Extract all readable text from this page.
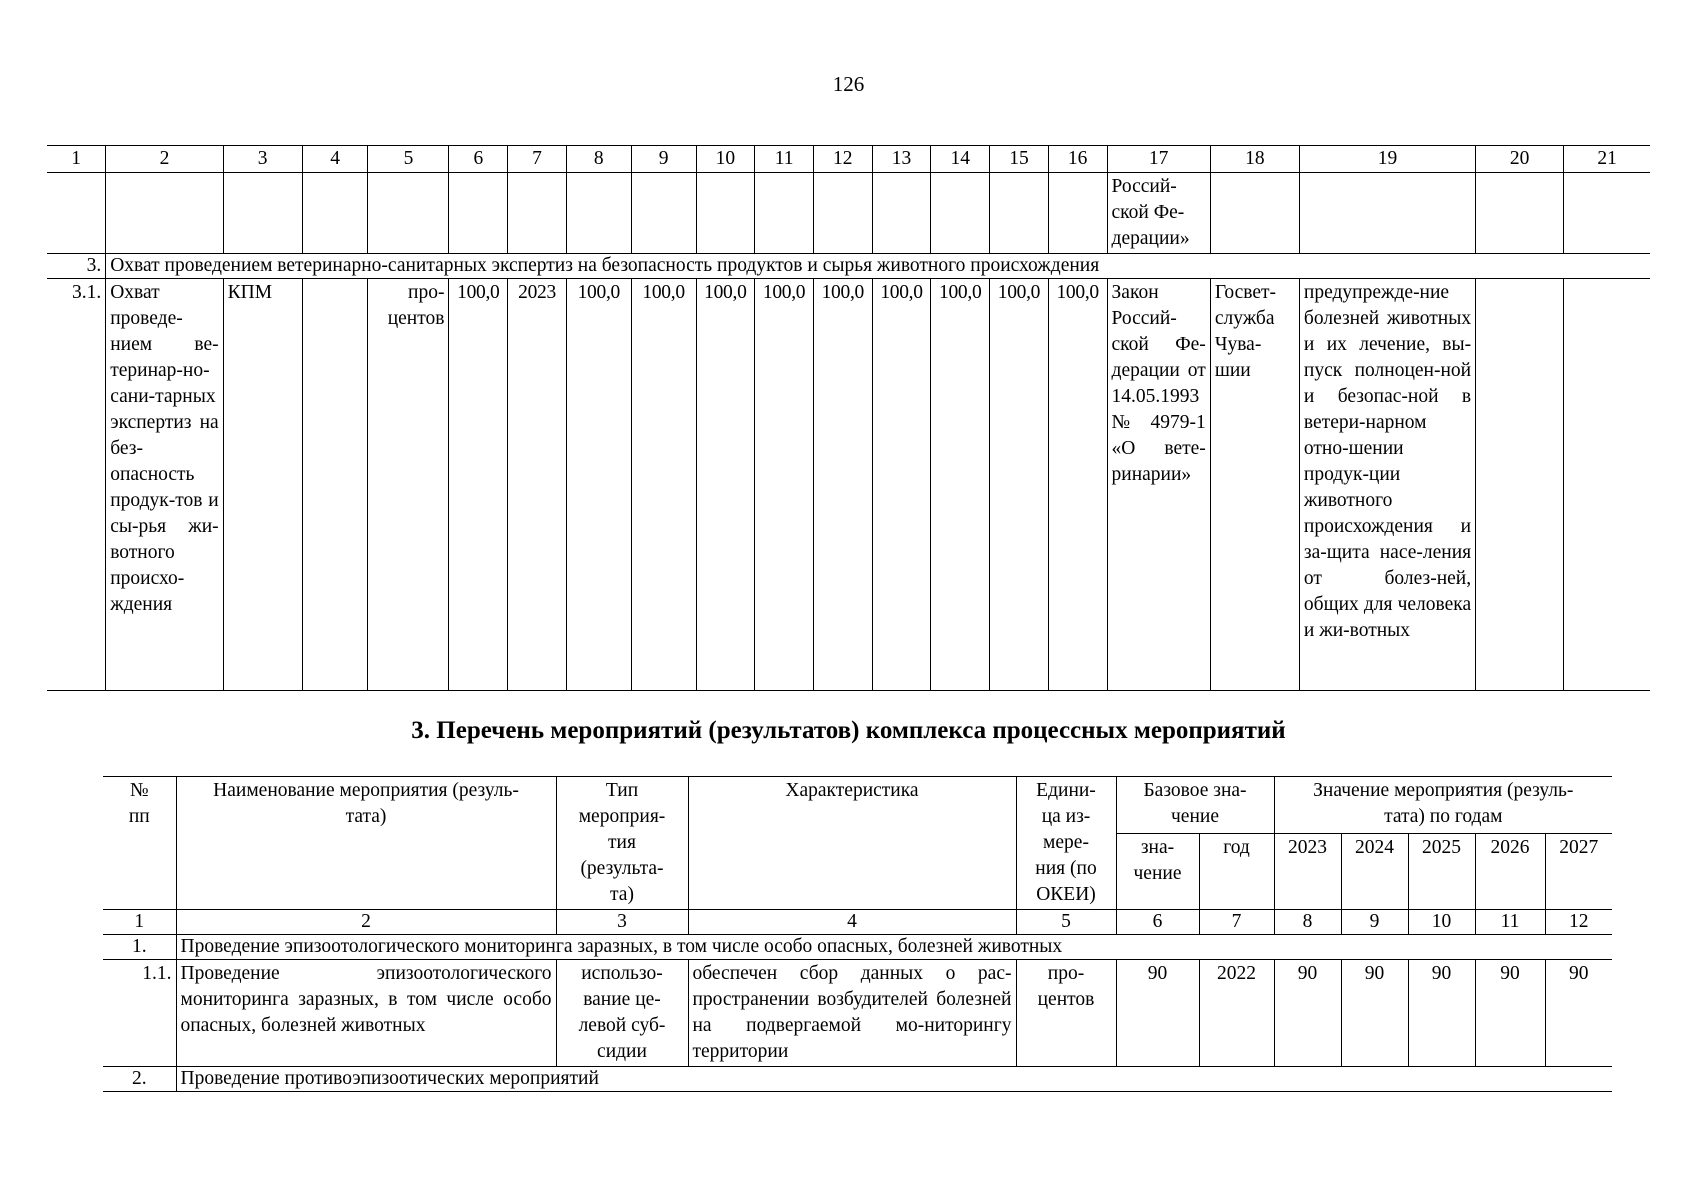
126
1	2	3	4	5	6	7	8	9	10	11	12	13	14	15	16	17	18	19	20	21
																Россий-
ской Фе-
дерации»				
3.	Охват проведением ветеринарно-санитарных экспертиз на безопасность продуктов и сырья животного происхождения																			
3.1.	Охват проведе-нием ве-теринар-но-сани-тарных экспертиз на без-опасность продук-тов и сы-рья жи-вотного происхо-ждения	КПМ		про-центов	100,0	2023	100,0	100,0	100,0	100,0	100,0	100,0	100,0	100,0	100,0	Закон Россий-ской Фе-дерации от 14.05.1993 № 4979-1 «О вете-ринарии»	Госвет-служба Чува-шии	предупрежде-ние болезней животных и их лечение, вы-пуск полноцен-ной и безопас-ной в ветери-нарном отно-шении продук-ции животного происхождения и за-щита насе-ления от болез-ней, общих для человека и жи-вотных		
3. Перечень мероприятий (результатов) комплекса процессных мероприятий
№
пп	Наименование мероприятия (резуль-
тата)	Тип
мероприя-
тия
(результа-
та)	Характеристика	Едини-
ца из-
мере-
ния (по
ОКЕИ)	Базовое зна-
чение		Значение мероприятия (резуль-
тата) по годам				
					зна-
чение	год	2023	2024	2025	2026	2027
1	2	3	4	5	6	7	8	9	10	11	12
1.	Проведение эпизоотологического мониторинга заразных, в том числе особо опасных, болезней животных										
1.1.	Проведение эпизоотологического мониторинга заразных, в том числе особо опасных, болезней животных	использо-вание це-левой суб-сидии	обеспечен сбор данных о рас-пространении возбудителей болезней на подвергаемой мо-ниторингу территории	про-центов	90	2022	90	90	90	90	90
2.	Проведение противоэпизоотических мероприятий										
